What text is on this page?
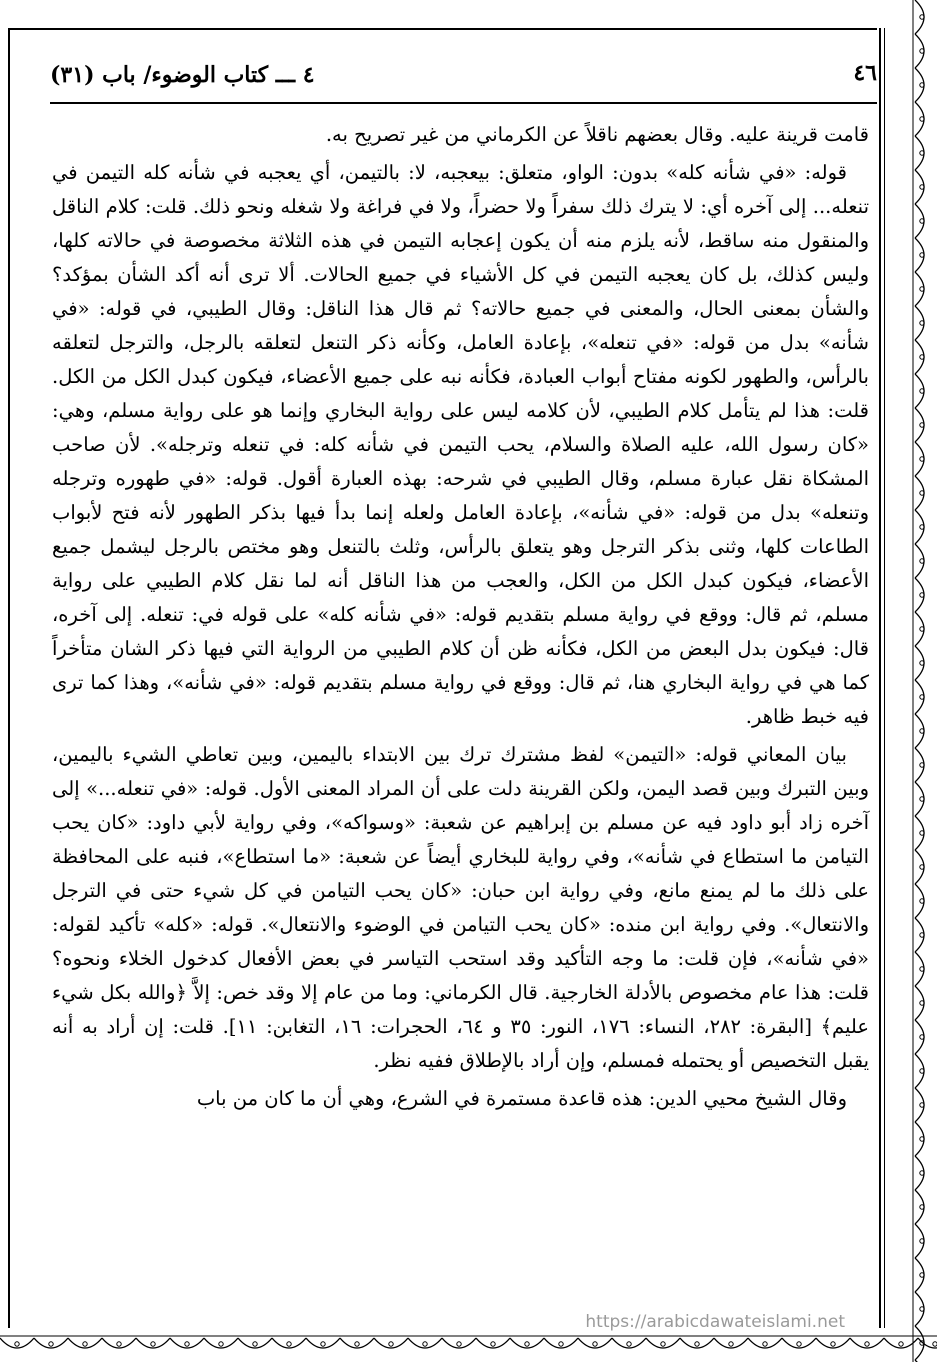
٤٦
٤ ـــ كتاب الوضوء/ باب (٣١)

قامت قرينة عليه. وقال بعضهم ناقلاً عن الكرماني من غير تصريح به.

قوله: «في شأنه كله» بدون: الواو، متعلق: بيعجبه، لا: بالتيمن، أي يعجبه في شأنه كله التيمن في تنعله... إلى آخره أي: لا يترك ذلك سفراً ولا حضراً، ولا في فراغة ولا شغله ونحو ذلك. قلت: كلام الناقل والمنقول منه ساقط، لأنه يلزم منه أن يكون إعجابه التيمن في هذه الثلاثة مخصوصة في حالاته كلها، وليس كذلك، بل كان يعجبه التيمن في كل الأشياء في جميع الحالات. ألا ترى أنه أكد الشأن بمؤكد؟ والشأن بمعنى الحال، والمعنى في جميع حالاته؟ ثم قال هذا الناقل: وقال الطيبي، في قوله: «في شأنه» بدل من قوله: «في تنعله»، بإعادة العامل، وكأنه ذكر التنعل لتعلقه بالرجل، والترجل لتعلقه بالرأس، والطهور لكونه مفتاح أبواب العبادة، فكأنه نبه على جميع الأعضاء، فيكون كبدل الكل من الكل. قلت: هذا لم يتأمل كلام الطيبي، لأن كلامه ليس على رواية البخاري وإنما هو على رواية مسلم، وهي: «كان رسول الله، عليه الصلاة والسلام، يحب التيمن في شأنه كله: في تنعله وترجله». لأن صاحب المشكاة نقل عبارة مسلم، وقال الطيبي في شرحه: بهذه العبارة أقول. قوله: «في طهوره وترجله وتنعله» بدل من قوله: «في شأنه»، بإعادة العامل ولعله إنما بدأ فيها بذكر الطهور لأنه فتح لأبواب الطاعات كلها، وثنى بذكر الترجل وهو يتعلق بالرأس، وثلث بالتنعل وهو مختص بالرجل ليشمل جميع الأعضاء، فيكون كبدل الكل من الكل، والعجب من هذا الناقل أنه لما نقل كلام الطيبي على رواية مسلم، ثم قال: ووقع في رواية مسلم بتقديم قوله: «في شأنه كله» على قوله في: تنعله. إلى آخره، قال: فيكون بدل البعض من الكل، فكأنه ظن أن كلام الطيبي من الرواية التي فيها ذكر الشان متأخراً كما هي في رواية البخاري هنا، ثم قال: ووقع في رواية مسلم بتقديم قوله: «في شأنه»، وهذا كما ترى فيه خبط ظاهر.

بيان المعاني قوله: «التيمن» لفظ مشترك ترك بين الابتداء باليمين، وبين تعاطي الشيء باليمين، وبين التبرك وبين قصد اليمن، ولكن القرينة دلت على أن المراد المعنى الأول. قوله: «في تنعله...» إلى آخره زاد أبو داود فيه عن مسلم بن إبراهيم عن شعبة: «وسواكه»، وفي رواية لأبي داود: «كان يحب التيامن ما استطاع في شأنه»، وفي رواية للبخاري أيضاً عن شعبة: «ما استطاع»، فنبه على المحافظة على ذلك ما لم يمنع مانع، وفي رواية ابن حبان: «كان يحب التيامن في كل شيء حتى في الترجل والانتعال». وفي رواية ابن منده: «كان يحب التيامن في الوضوء والانتعال». قوله: «كله» تأكيد لقوله: «في شأنه»، فإن قلت: ما وجه التأكيد وقد استحب التياسر في بعض الأفعال كدخول الخلاء ونحوه؟ قلت: هذا عام مخصوص بالأدلة الخارجية. قال الكرماني: وما من عام إلا وقد خص: إلاَّ ﴿والله بكل شيء عليم﴾ [البقرة: ٢٨٢، النساء: ١٧٦، النور: ٣٥ و ٦٤، الحجرات: ١٦، التغابن: ١١]. قلت: إن أراد به أنه يقبل التخصيص أو يحتمله فمسلم، وإن أراد بالإطلاق ففيه نظر.

وقال الشيخ محيي الدين: هذه قاعدة مستمرة في الشرع، وهي أن ما كان من باب

https://arabicdawateislami.net
